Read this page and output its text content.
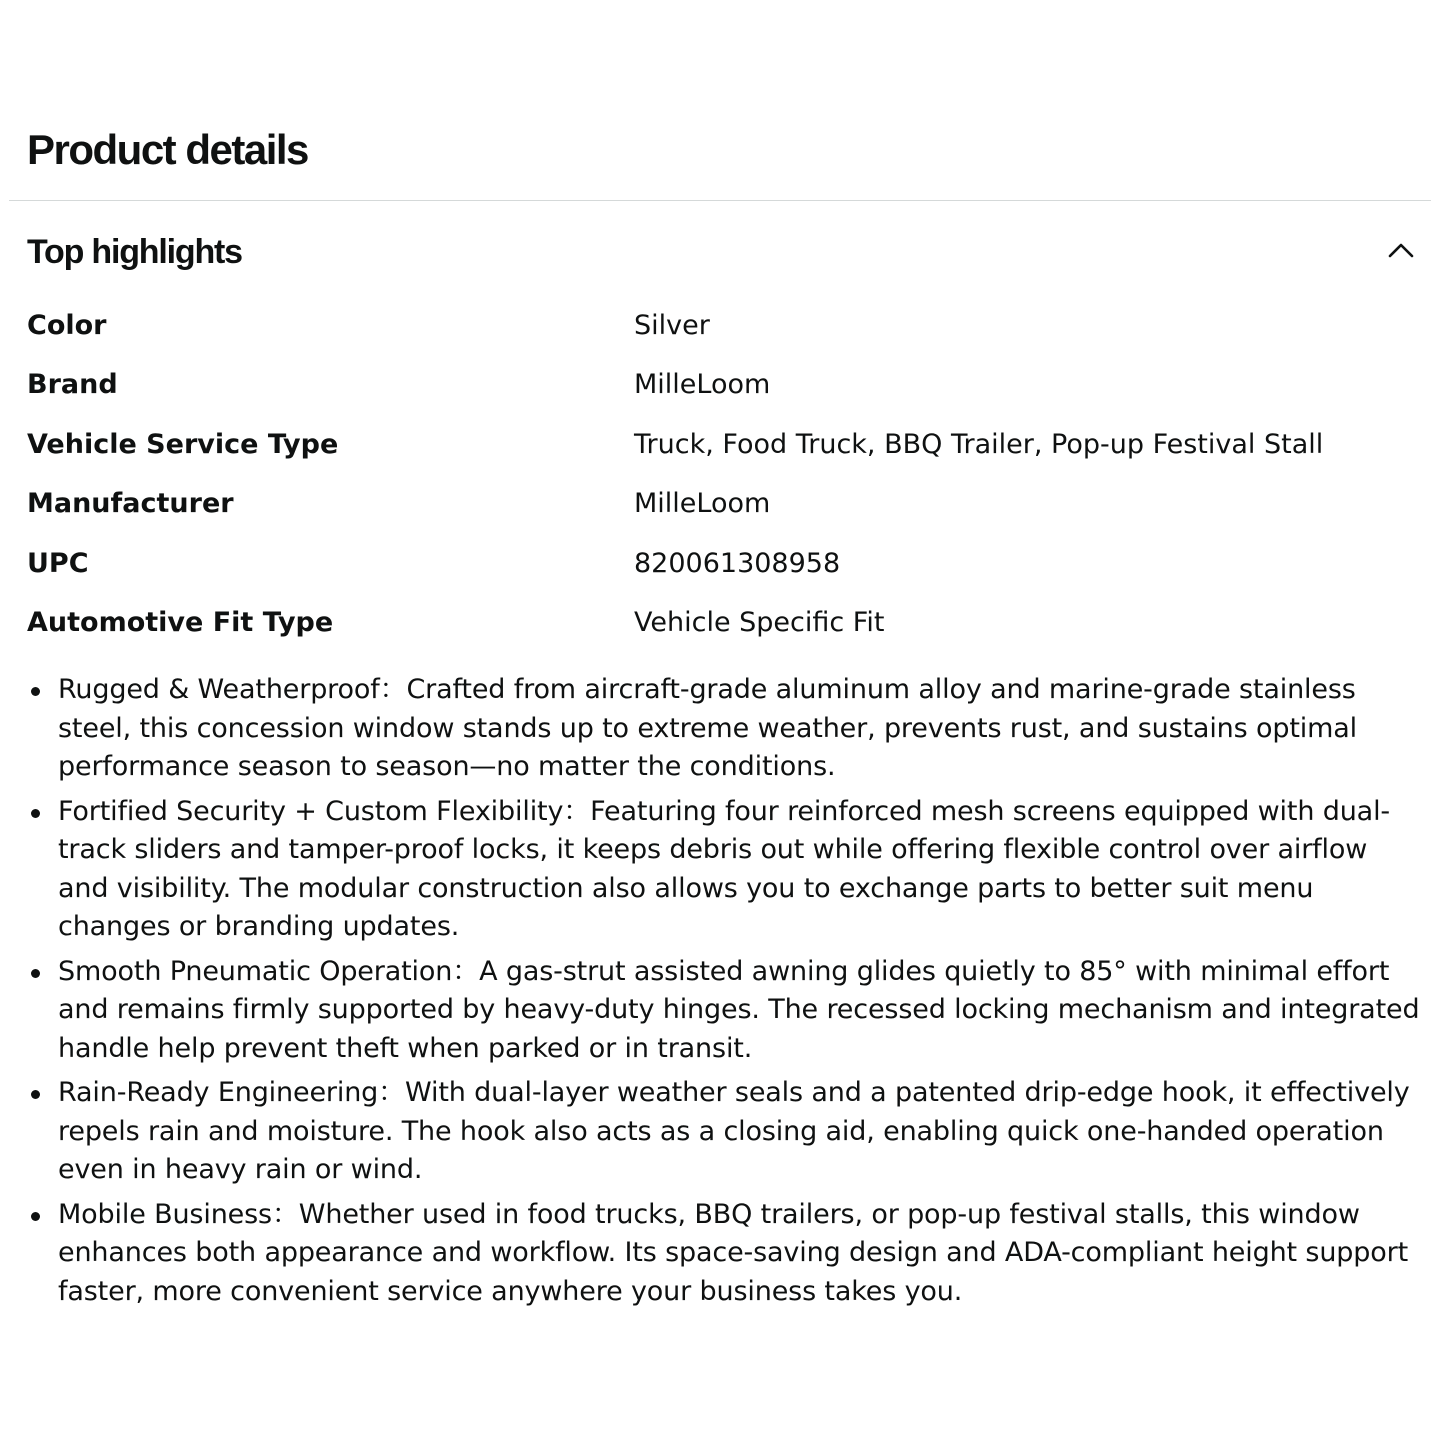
Product details
Top highlights
Color	Silver
Brand	MilleLoom
Vehicle Service Type	Truck, Food Truck, BBQ Trailer, Pop-up Festival Stall
Manufacturer	MilleLoom
UPC	820061308958
Automotive Fit Type	Vehicle Specific Fit
Rugged & Weatherproof：Crafted from aircraft-grade aluminum alloy and marine-grade stainless steel, this concession window stands up to extreme weather, prevents rust, and sustains optimal performance season to season—no matter the conditions.
Fortified Security + Custom Flexibility：Featuring four reinforced mesh screens equipped with dual-track sliders and tamper-proof locks, it keeps debris out while offering flexible control over airflow and visibility. The modular construction also allows you to exchange parts to better suit menu changes or branding updates.
Smooth Pneumatic Operation：A gas-strut assisted awning glides quietly to 85° with minimal effort and remains firmly supported by heavy-duty hinges. The recessed locking mechanism and integrated handle help prevent theft when parked or in transit.
Rain-Ready Engineering：With dual-layer weather seals and a patented drip-edge hook, it effectively repels rain and moisture. The hook also acts as a closing aid, enabling quick one-handed operation even in heavy rain or wind.
Mobile Business：Whether used in food trucks, BBQ trailers, or pop-up festival stalls, this window enhances both appearance and workflow. Its space-saving design and ADA-compliant height support faster, more convenient service anywhere your business takes you.
